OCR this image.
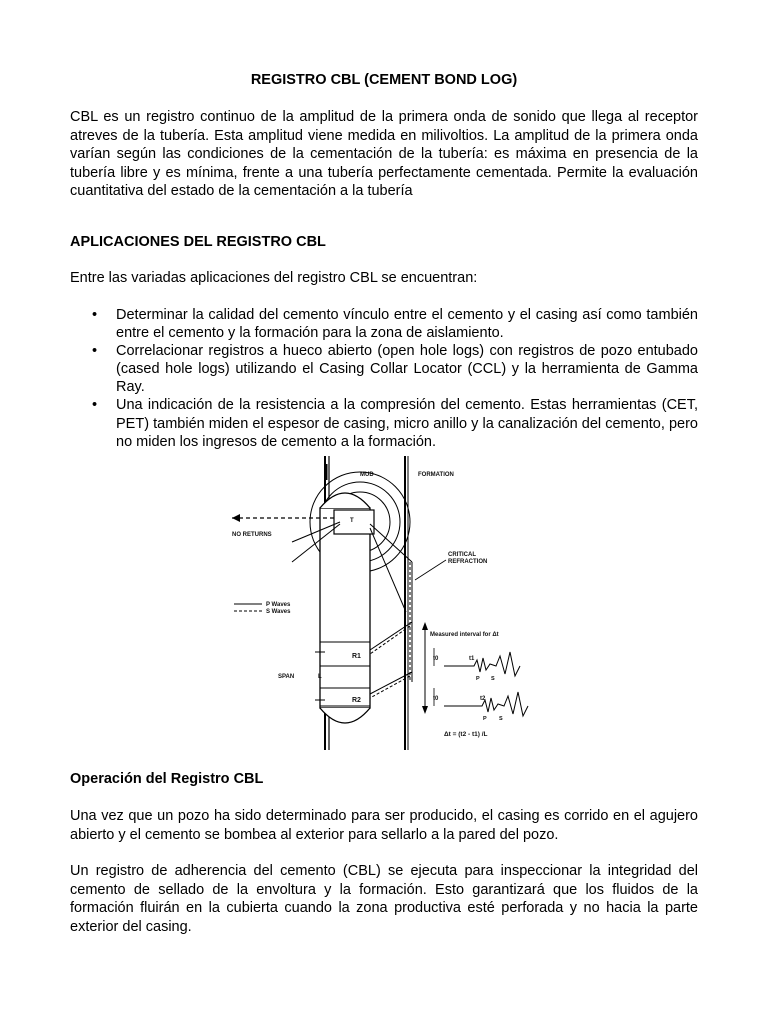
REGISTRO CBL (CEMENT BOND LOG)

CBL es un registro continuo de la amplitud de la primera onda de sonido que llega al receptor atreves de la tubería. Esta amplitud viene medida en milivoltios. La amplitud de la primera onda varían según las condiciones de la cementación de la tubería: es máxima en presencia de la tubería libre y es mínima, frente a una tubería perfectamente cementada. Permite la evaluación cuantitativa del estado de la cementación a la tubería

APLICACIONES DEL REGISTRO CBL

Entre las variadas aplicaciones del registro CBL se encuentran:

• Determinar la calidad del cemento vínculo entre el cemento y el casing así como también entre el cemento y la formación para la zona de aislamiento.
• Correlacionar registros a hueco abierto (open hole logs) con registros de pozo entubado (cased hole logs) utilizando el Casing Collar Locator (CCL) y la herramienta de Gamma Ray.
• Una indicación de la resistencia a la compresión del cemento. Estas herramientas (CET, PET) también miden el espesor de casing, micro anillo y la canalización del cemento, pero no miden los ingresos de cemento a la formación.
MUD	FORMATION
T
R1
R2
NO RETURNS
CRITICAL
REFRACTION
P Waves
S Waves
L
SPAN
Measured interval for Δt
t0	t1
P S
t0	t2
P S
Δt = (t2 - t1) /L

Operación del Registro CBL

Una vez que un pozo ha sido determinado para ser producido, el casing es corrido en el agujero abierto y el cemento se bombea al exterior para sellarlo a la pared del pozo.

Un registro de adherencia del cemento (CBL) se ejecuta para inspeccionar la integridad del cemento de sellado de la envoltura y la formación. Esto garantizará que los fluidos de la formación fluirán en la cubierta cuando la zona productiva esté perforada y no hacia la parte exterior del casing.
